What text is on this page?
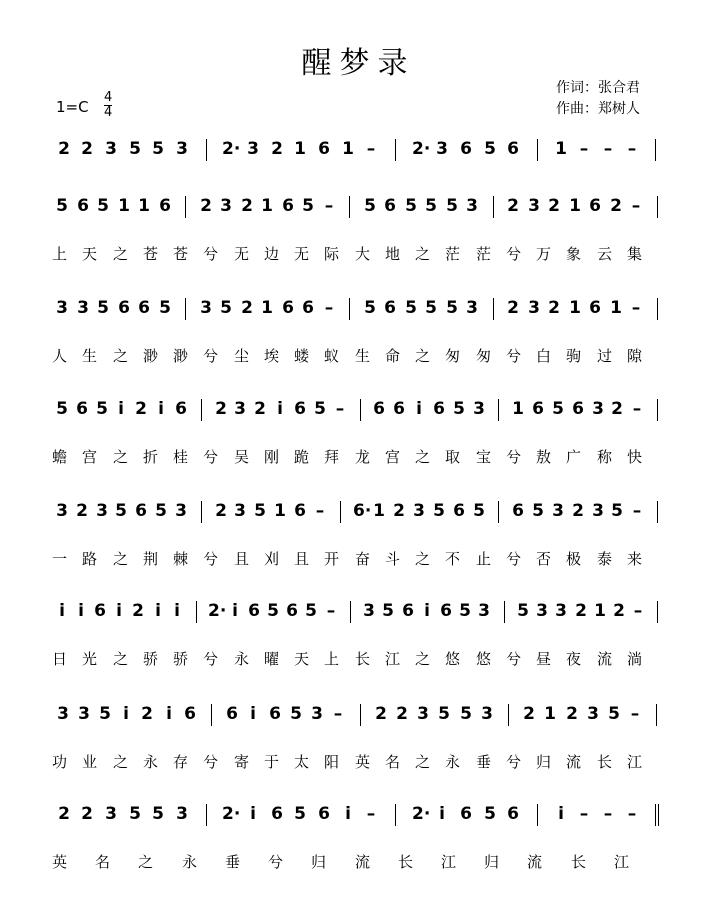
醒梦录
作词：张合君
作曲：郑树人
1=C
4
4
2 2 3 5 5 3 2· 3 2 1 6 1 – 2· 3 6 5 6 1 – – –
5 6 5 1 1 6 2 3 2 1 6 5 – 5 6 5 5 5 3 2 3 2 1 6 2 –
上 天 之 苍 苍 兮 无 边 无 际 大 地 之 茫 茫 兮 万 象 云 集
3 3 5 6 6 5 3 5 2 1 6 6 – 5 6 5 5 5 3 2 3 2 1 6 1 –
人 生 之 渺 渺 兮 尘 埃 蝼 蚁 生 命 之 匆 匆 兮 白 驹 过 隙
5 6 5 i 2 i 6 2 3 2 i 6 5 – 6 6 i 6 5 3 1 6 5 6 3 2 –
蟾 宫 之 折 桂 兮 吴 刚 跪 拜 龙 宫 之 取 宝 兮 敖 广 称 快
3 2 3 5 6 5 3 2 3 5 1 6 – 6· 1 2 3 5 6 5 6 5 3 2 3 5 –
一 路 之 荆 棘 兮 且 刈 且 开 奋 斗 之 不 止 兮 否 极 泰 来
i i 6 i 2 i i 2· i 6 5 6 5 – 3 5 6 i 6 5 3 5 3 3 2 1 2 –
日 光 之 骄 骄 兮 永 曜 天 上 长 江 之 悠 悠 兮 昼 夜 流 淌
3 3 5 i 2 i 6 6 i 6 5 3 – 2 2 3 5 5 3 2 1 2 3 5 –
功 业 之 永 存 兮 寄 于 太 阳 英 名 之 永 垂 兮 归 流 长 江
2 2 3 5 5 3 2· i 6 5 6 i – 2· i 6 5 6 i – – –
英 名 之 永 垂 兮 归 流 长 江 归 流 长 江
